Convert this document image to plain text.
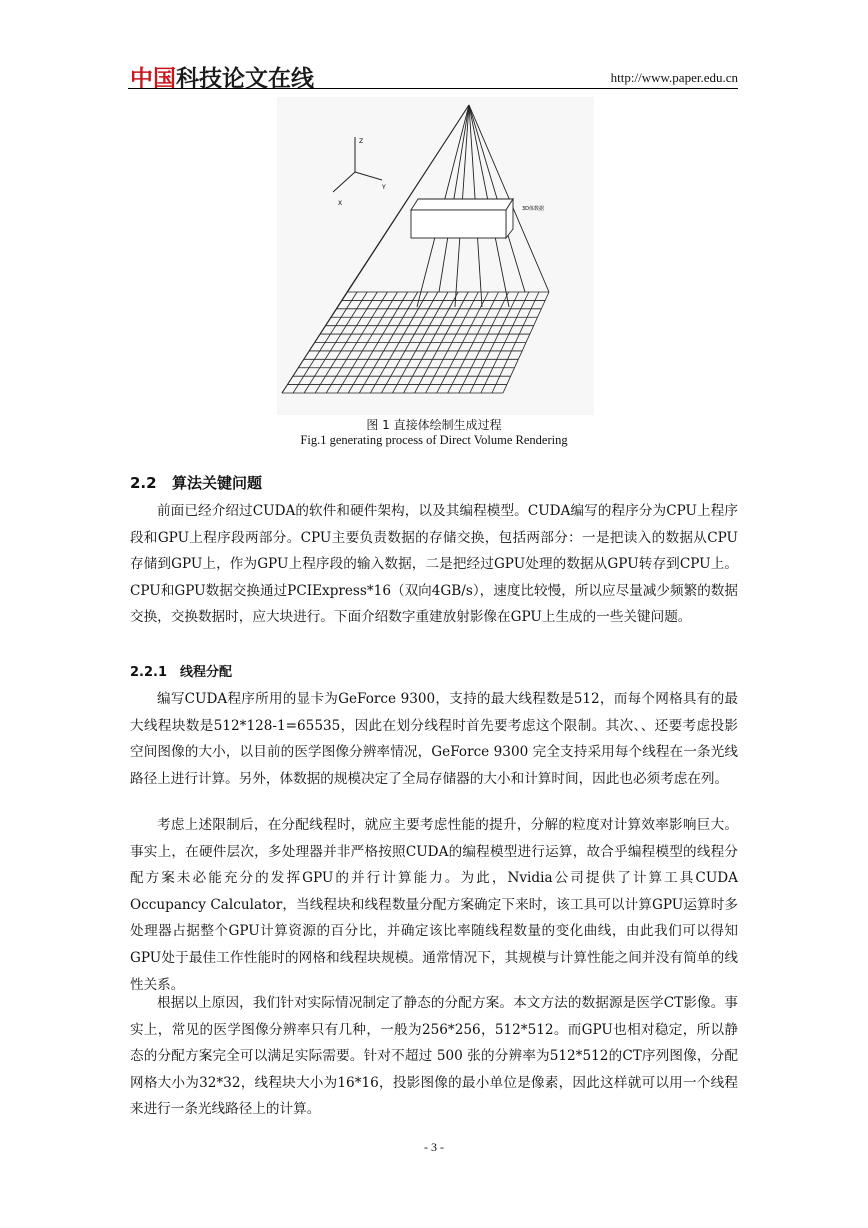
中国科技论文在线	http://www.paper.edu.cn
Z
Y
X
3D体数据
图 1 直接体绘制生成过程
Fig.1 generating process of Direct Volume Rendering
2.2 算法关键问题

前面已经介绍过CUDA的软件和硬件架构，以及其编程模型。CUDA编写的程序分为CPU上程序段和GPU上程序段两部分。CPU主要负责数据的存储交换，包括两部分：一是把读入的数据从CPU存储到GPU上，作为GPU上程序段的输入数据，二是把经过GPU处理的数据从GPU转存到CPU上。CPU和GPU数据交换通过PCIExpress*16（双向4GB/s），速度比较慢，所以应尽量减少频繁的数据交换，交换数据时，应大块进行。下面介绍数字重建放射影像在GPU上生成的一些关键问题。

2.2.1 线程分配

编写CUDA程序所用的显卡为GeForce 9300，支持的最大线程数是512，而每个网格具有的最大线程块数是512*128-1=65535，因此在划分线程时首先要考虑这个限制。其次、、还要考虑投影空间图像的大小，以目前的医学图像分辨率情况，GeForce 9300 完全支持采用每个线程在一条光线路径上进行计算。另外，体数据的规模决定了全局存储器的大小和计算时间，因此也必须考虑在列。

考虑上述限制后，在分配线程时，就应主要考虑性能的提升，分解的粒度对计算效率影响巨大。事实上，在硬件层次，多处理器并非严格按照CUDA的编程模型进行运算，故合乎编程模型的线程分配方案未必能充分的发挥GPU的并行计算能力。为此，Nvidia公司提供了计算工具CUDA Occupancy Calculator，当线程块和线程数量分配方案确定下来时，该工具可以计算GPU运算时多处理器占据整个GPU计算资源的百分比，并确定该比率随线程数量的变化曲线，由此我们可以得知GPU处于最佳工作性能时的网格和线程块规模。通常情况下，其规模与计算性能之间并没有简单的线性关系。

根据以上原因，我们针对实际情况制定了静态的分配方案。本文方法的数据源是医学CT影像。事实上，常见的医学图像分辨率只有几种，一般为256*256，512*512。而GPU也相对稳定，所以静态的分配方案完全可以满足实际需要。针对不超过 500 张的分辨率为512*512的CT序列图像，分配网格大小为32*32，线程块大小为16*16，投影图像的最小单位是像素，因此这样就可以用一个线程来进行一条光线路径上的计算。

- 3 -
